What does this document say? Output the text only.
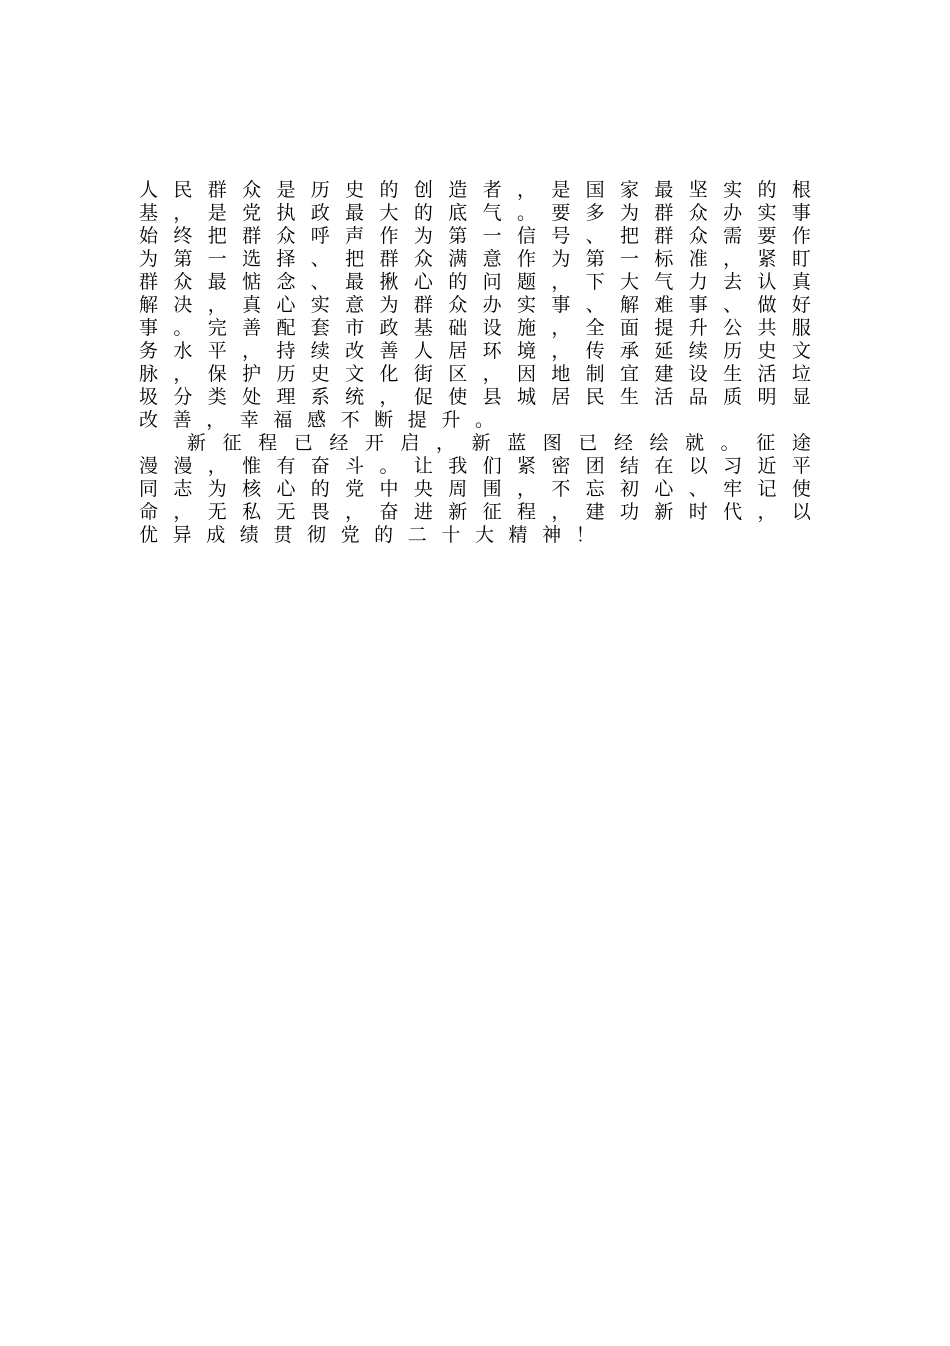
人 民 群 众 是 历 史 的 创 造 者 ， 是 国 家 最 坚 实 的 根
基 ， 是 党 执 政 最 大 的 底 气 。 要 多 为 群 众 办 实 事
始 终 把 群 众 呼 声 作 为 第 一 信 号 、 把 群 众 需 要 作
为 第 一 选 择 、 把 群 众 满 意 作 为 第 一 标 准 ， 紧 盯
群 众 最 惦 念 、 最 揪 心 的 问 题 ， 下 大 气 力 去 认 真
解 决 ， 真 心 实 意 为 群 众 办 实 事 、 解 难 事 、 做 好
事 。 完 善 配 套 市 政 基 础 设 施 ， 全 面 提 升 公 共 服
务 水 平 ， 持 续 改 善 人 居 环 境 ， 传 承 延 续 历 史 文
脉 ， 保 护 历 史 文 化 街 区 ， 因 地 制 宜 建 设 生 活 垃
圾 分 类 处 理 系 统 ， 促 使 县 城 居 民 生 活 品 质 明 显
改 善 ， 幸 福 感 不 断 提 升 。
新 征 程 已 经 开 启 ， 新 蓝 图 已 经 绘 就 。 征 途
漫 漫 ， 惟 有 奋 斗 。 让 我 们 紧 密 团 结 在 以 习 近 平
同 志 为 核 心 的 党 中 央 周 围 ， 不 忘 初 心 、 牢 记 使
命 ， 无 私 无 畏 ， 奋 进 新 征 程 ， 建 功 新 时 代 ， 以
优 异 成 绩 贯 彻 党 的 二 十 大 精 神 ！
